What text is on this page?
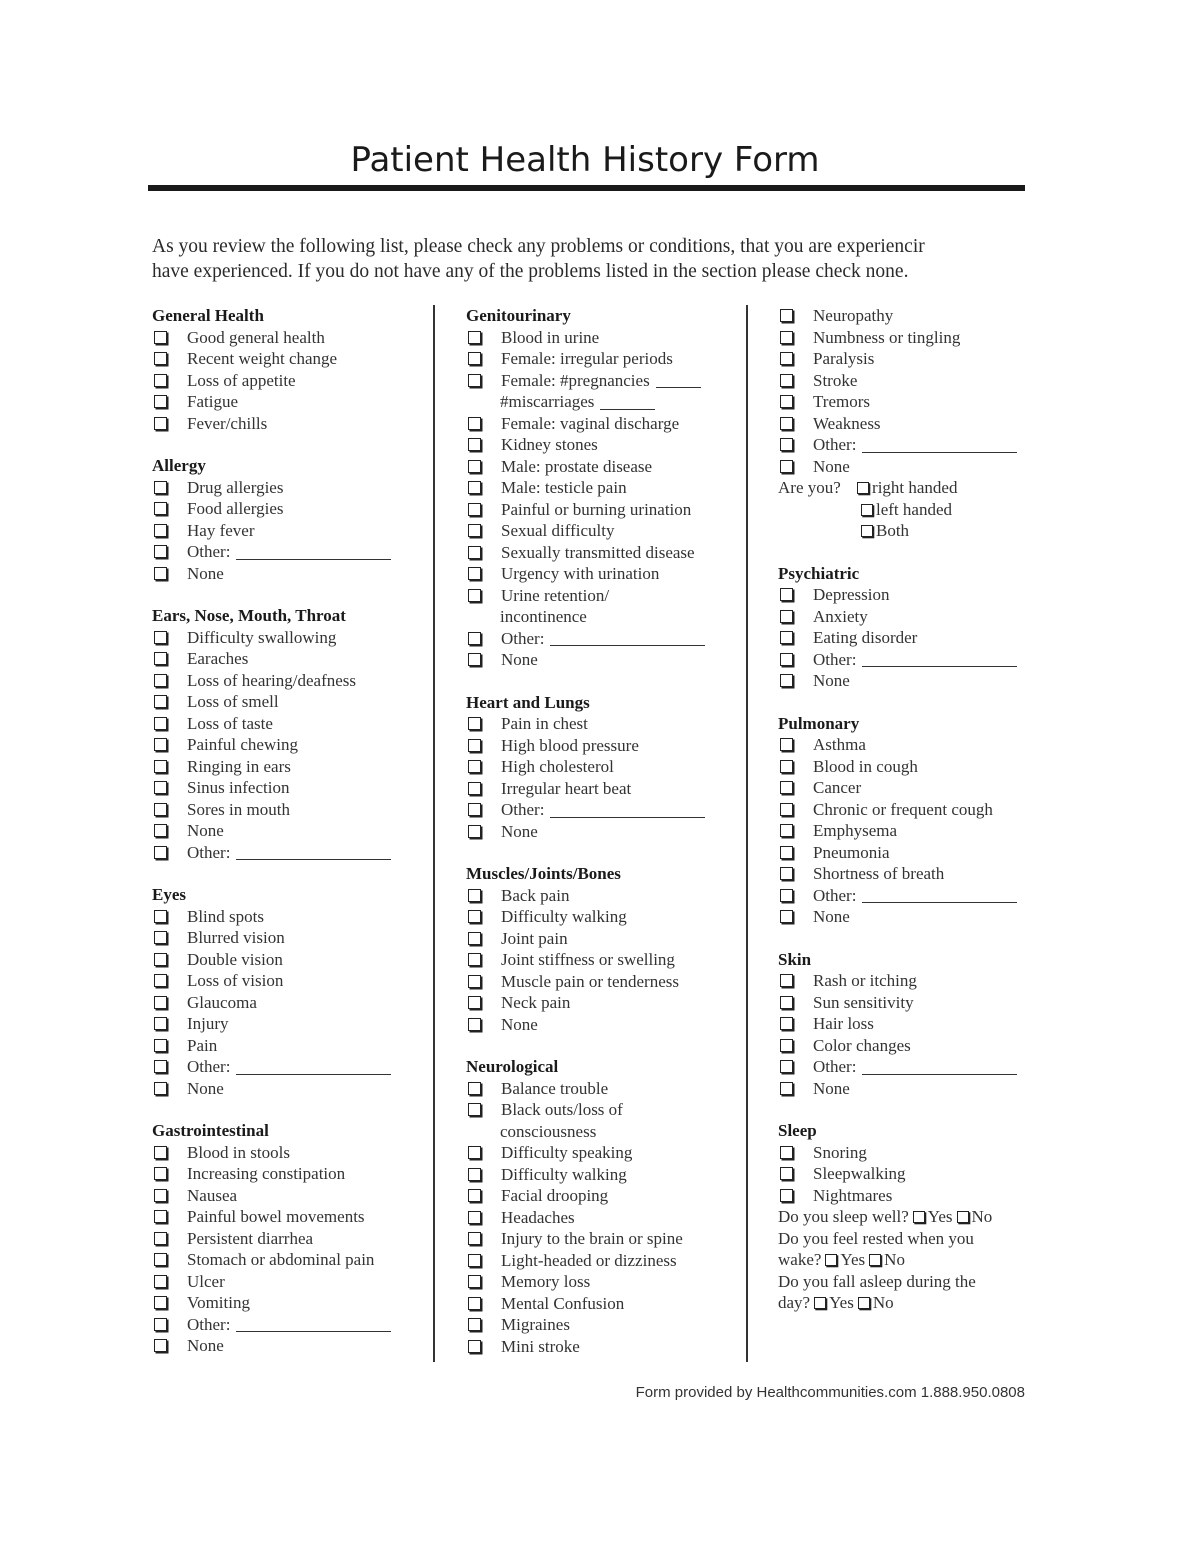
Patient Health History Form
As you review the following list, please check any problems or conditions, that you are experiencir
have experienced. If you do not have any of the problems listed in the section please check none.
General Health
Good general health
Recent weight change
Loss of appetite
Fatigue
Fever/chills
Allergy
Drug allergies
Food allergies
Hay fever
Other:
None
Ears, Nose, Mouth, Throat
Difficulty swallowing
Earaches
Loss of hearing/deafness
Loss of smell
Loss of taste
Painful chewing
Ringing in ears
Sinus infection
Sores in mouth
None
Other:
Eyes
Blind spots
Blurred vision
Double vision
Loss of vision
Glaucoma
Injury
Pain
Other:
None
Gastrointestinal
Blood in stools
Increasing constipation
Nausea
Painful bowel movements
Persistent diarrhea
Stomach or abdominal pain
Ulcer
Vomiting
Other:
None
Genitourinary
Blood in urine
Female: irregular periods
Female: #pregnancies
#miscarriages
Female: vaginal discharge
Kidney stones
Male: prostate disease
Male: testicle pain
Painful or burning urination
Sexual difficulty
Sexually transmitted disease
Urgency with urination
Urine retention/
incontinence
Other:
None
Heart and Lungs
Pain in chest
High blood pressure
High cholesterol
Irregular heart beat
Other:
None
Muscles/Joints/Bones
Back pain
Difficulty walking
Joint pain
Joint stiffness or swelling
Muscle pain or tenderness
Neck pain
None
Neurological
Balance trouble
Black outs/loss of
consciousness
Difficulty speaking
Difficulty walking
Facial drooping
Headaches
Injury to the brain or spine
Light-headed or dizziness
Memory loss
Mental Confusion
Migraines
Mini stroke
Neuropathy
Numbness or tingling
Paralysis
Stroke
Tremors
Weakness
Other:
None
Are you? right handed
left handed
Both
Psychiatric
Depression
Anxiety
Eating disorder
Other:
None
Pulmonary
Asthma
Blood in cough
Cancer
Chronic or frequent cough
Emphysema
Pneumonia
Shortness of breath
Other:
None
Skin
Rash or itching
Sun sensitivity
Hair loss
Color changes
Other:
None
Sleep
Snoring
Sleepwalking
Nightmares
Do you sleep well? Yes No
Do you feel rested when you
wake? Yes No
Do you fall asleep during the
day? Yes No
Form provided by Healthcommunities.com 1.888.950.0808
